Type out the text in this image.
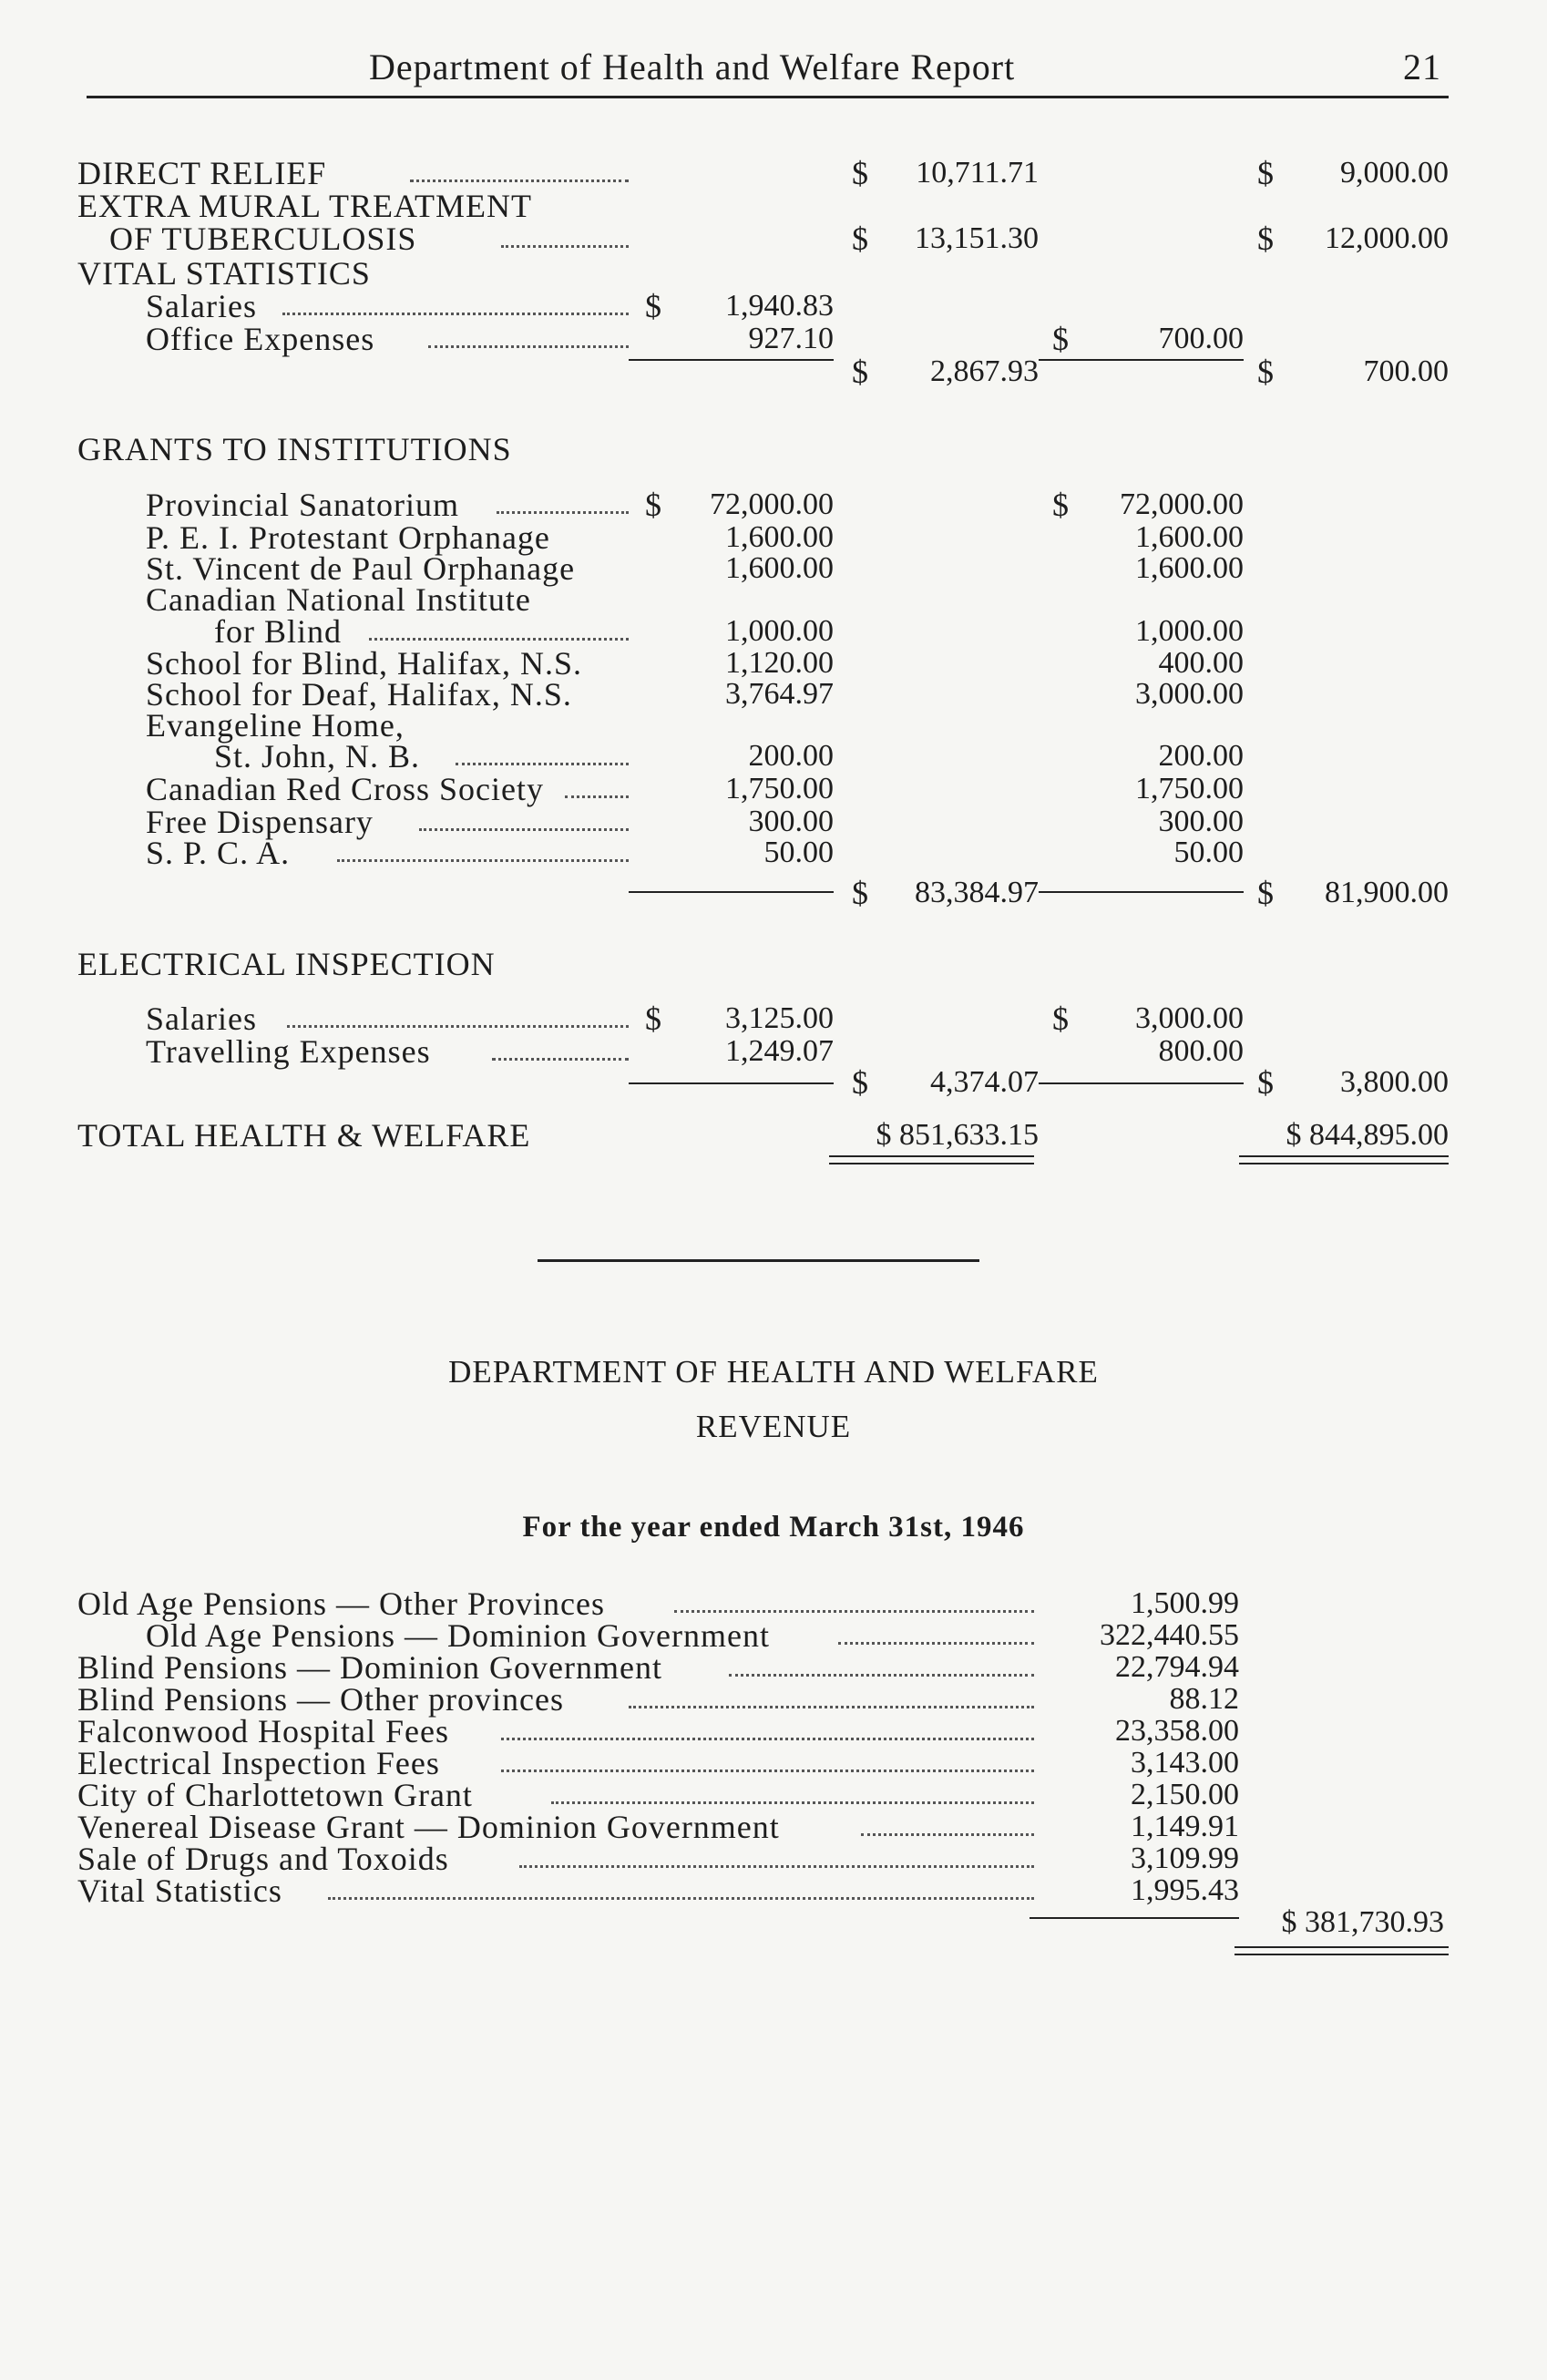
Department of Health and Welfare Report	21
DIRECT RELIEF	$	10,711.71	$	9,000.00
EXTRA MURAL TREATMENT
OF TUBERCULOSIS	$	13,151.30	$	12,000.00
VITAL STATISTICS
Salaries	$	1,940.83
Office Expenses	927.10	$	700.00
$	2,867.93	$	700.00
GRANTS TO INSTITUTIONS
Provincial Sanatorium	$	72,000.00	$	72,000.00
P. E. I. Protestant Orphanage	1,600.00	1,600.00
St. Vincent de Paul Orphanage	1,600.00	1,600.00
Canadian National Institute
for Blind	1,000.00	1,000.00
School for Blind, Halifax, N.S.	1,120.00	400.00
School for Deaf, Halifax, N.S.	3,764.97	3,000.00
Evangeline Home,
St. John, N. B.	200.00	200.00
Canadian Red Cross Society	1,750.00	1,750.00
Free Dispensary	300.00	300.00
S. P. C. A.	50.00	50.00
$	83,384.97	$	81,900.00
ELECTRICAL INSPECTION
Salaries	$	3,125.00	$	3,000.00
Travelling Expenses	1,249.07	800.00
$	4,374.07	$	3,800.00
TOTAL HEALTH & WELFARE	$ 851,633.15	$ 844,895.00
DEPARTMENT OF HEALTH AND WELFARE
REVENUE
For the year ended March 31st, 1946
Old Age Pensions — Other Provinces	1,500.99
Old Age Pensions — Dominion Government	322,440.55
Blind Pensions — Dominion Government	22,794.94
Blind Pensions — Other provinces	88.12
Falconwood Hospital Fees	23,358.00
Electrical Inspection Fees	3,143.00
City of Charlottetown Grant	2,150.00
Venereal Disease Grant — Dominion Government	1,149.91
Sale of Drugs and Toxoids	3,109.99
Vital Statistics	1,995.43
$ 381,730.93
